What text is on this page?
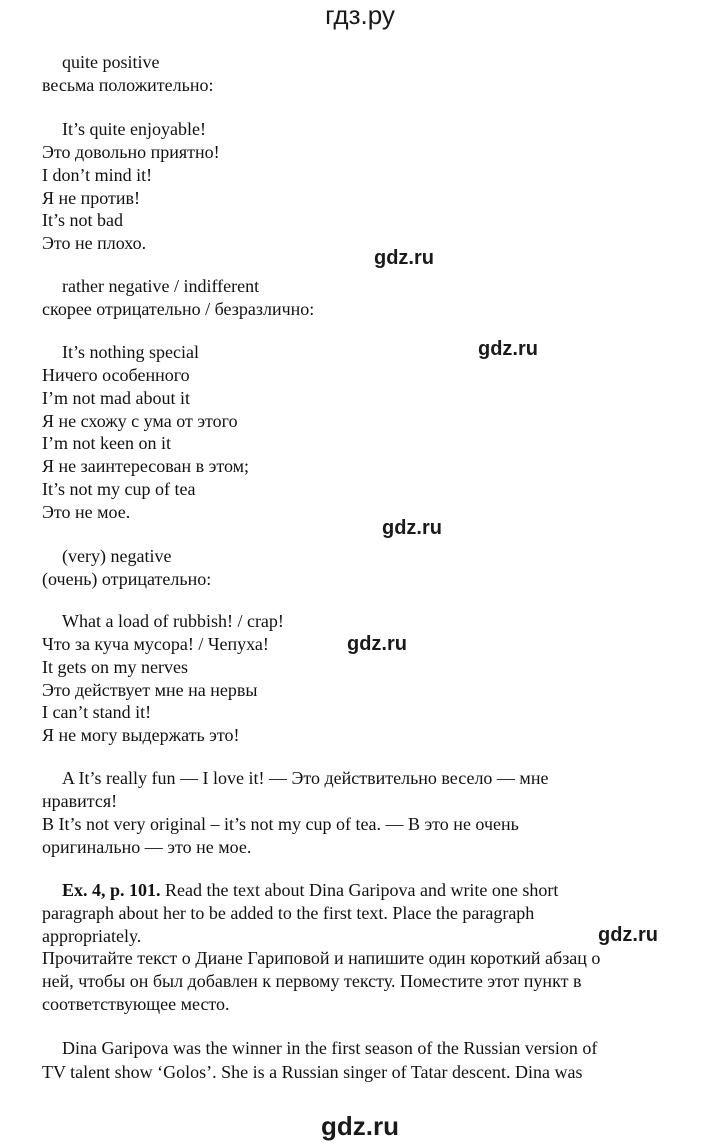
гдз.ру
quite positive
весьма положительно:
It’s quite enjoyable!
Это довольно приятно!
I don’t mind it!
Я не против!
It’s not bad
Это не плохо.
gdz.ru
rather negative / indifferent
скорее отрицательно / безразлично:
It’s nothing special	gdz.ru
Ничего особенного
I’m not mad about it
Я не схожу с ума от этого
I’m not keen on it
Я не заинтересован в этом;
It’s not my cup of tea
Это не мое.
gdz.ru
(very) negative
(очень) отрицательно:
What a load of rubbish! / crap!
Что за куча мусора! / Чепуха!	gdz.ru
It gets on my nerves
Это действует мне на нервы
I can’t stand it!
Я не могу выдержать это!
A It’s really fun — I love it! — Это действительно весело — мне
нравится!
B It’s not very original – it’s not my cup of tea. — В это не очень
оригинально — это не мое.
Ex. 4, p. 101. Read the text about Dina Garipova and write one short
paragraph about her to be added to the first text. Place the paragraph
appropriately.	gdz.ru
Прочитайте текст о Диане Гариповой и напишите один короткий абзац о
ней, чтобы он был добавлен к первому тексту. Поместите этот пункт в
соответствующее место.
Dina Garipova was the winner in the first season of the Russian version of
TV talent show ‘Golos’. She is a Russian singer of Tatar descent. Dina was
gdz.ru
